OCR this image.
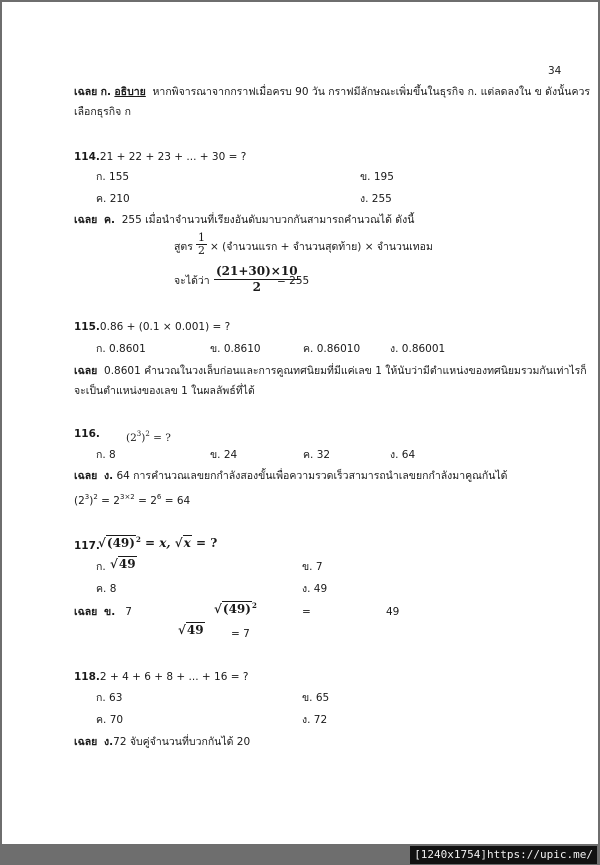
34
เฉลย ก. อธิบาย หากพิจารณาจากกราฟเมื่อครบ 90 วัน กราฟมีลักษณะเพิ่มขึ้นในธุรกิจ ก. แต่ลดลงใน ข ดังนั้นควร
เลือกธุรกิจ ก
114.21 + 22 + 23 + ... + 30 = ?
ก. 155	ข. 195
ค. 210	ง. 255
เฉลย ค. 255 เมื่อนำจำนวนที่เรียงอันดับมาบวกกันสามารถคำนวณได้ ดังนี้
สูตร $\frac{1}{2}$ × (จำนวนแรก + จำนวนสุดท้าย) × จำนวนเทอม
จะได้ว่า $\frac{(21+30)\times 10}{2}$
= 255
115.0.86 + (0.1 × 0.001) = ?
ก. 0.8601	ข. 0.8610	ค. 0.86010	ง. 0.86001
เฉลย 0.8601 คำนวณในวงเล็บก่อนและการคูณทศนิยมที่มีแค่เลข 1 ให้นับว่ามีตำแหน่งของทศนิยมรวมกันเท่าไรก็
จะเป็นตำแหน่งของเลข 1 ในผลลัพธ์ที่ได้
116. $(2^3)^2$ = ?
ก. 8	ข. 24	ค. 32	ง. 64
เฉลย ง. 64 การคำนวณเลขยกกำลังสองขั้นเพื่อความรวดเร็วสามารถนำเลขยกกำลังมาคูณกันได้
$(2^3)^2 = 2^{3\times 2} = 2^6 = 64$
117.
$√(49)^2 = x$, √x = ?
ก. √49	ข. 7
ค. 8	ง. 49
เฉลย ข. 7	$√(49)^2$
=	49
√49	= 7
118.2 + 4 + 6 + 8 + ... + 16 = ?
ก. 63	ข. 65
ค. 70	ง. 72
เฉลย ง.72 จับคู่จำนวนที่บวกกันได้ 20
[1240x1754]https://upic.me/
